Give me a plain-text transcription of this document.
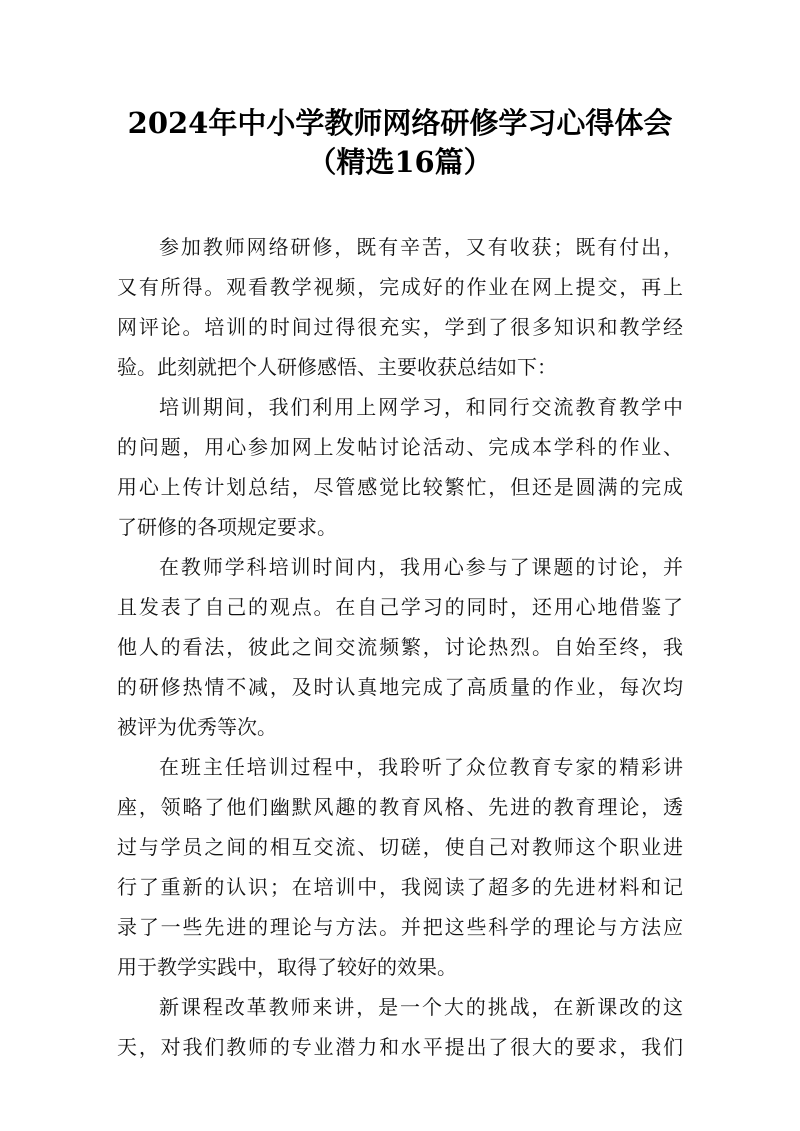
2024年中小学教师网络研修学习心得体会
（精选16篇）
参加教师网络研修，既有辛苦，又有收获；既有付出，
又有所得。观看教学视频，完成好的作业在网上提交，再上
网评论。培训的时间过得很充实，学到了很多知识和教学经
验。此刻就把个人研修感悟、主要收获总结如下：
培训期间，我们利用上网学习，和同行交流教育教学中
的问题，用心参加网上发帖讨论活动、完成本学科的作业、
用心上传计划总结，尽管感觉比较繁忙，但还是圆满的完成
了研修的各项规定要求。
在教师学科培训时间内，我用心参与了课题的讨论，并
且发表了自己的观点。在自己学习的同时，还用心地借鉴了
他人的看法，彼此之间交流频繁，讨论热烈。自始至终，我
的研修热情不减，及时认真地完成了高质量的作业，每次均
被评为优秀等次。
在班主任培训过程中，我聆听了众位教育专家的精彩讲
座，领略了他们幽默风趣的教育风格、先进的教育理论，透
过与学员之间的相互交流、切磋，使自己对教师这个职业进
行了重新的认识；在培训中，我阅读了超多的先进材料和记
录了一些先进的理论与方法。并把这些科学的理论与方法应
用于教学实践中，取得了较好的效果。
新课程改革教师来讲，是一个大的挑战，在新课改的这
天，对我们教师的专业潜力和水平提出了很大的要求，我们
